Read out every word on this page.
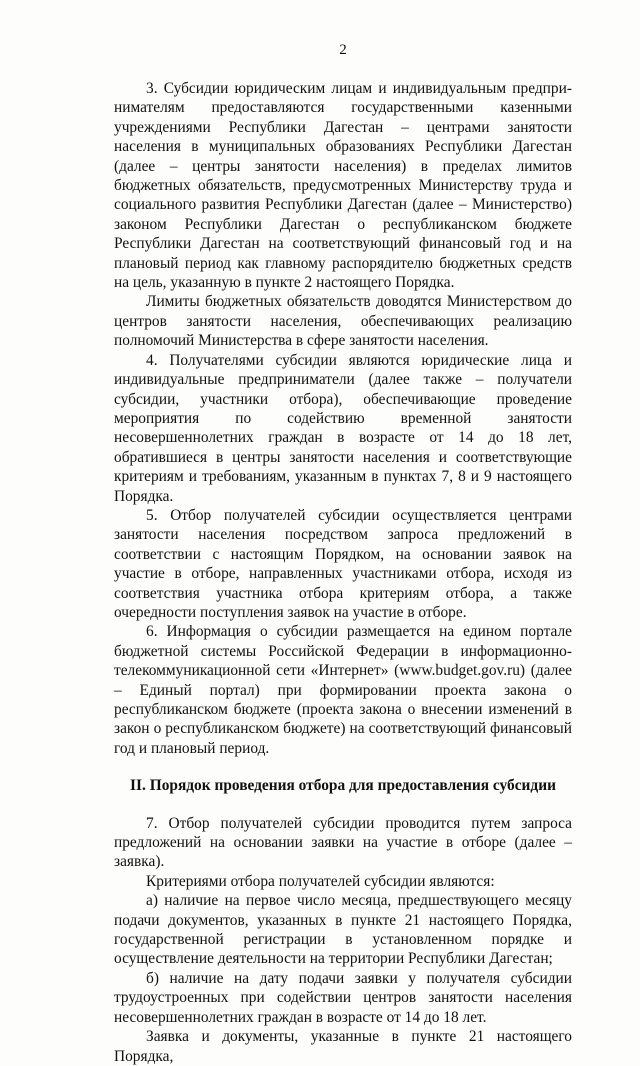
2

3. Субсидии юридическим лицам и индивидуальным предпринимателям предоставляются государственными казенными учреждениями Республики Дагестан – центрами занятости населения в муниципальных образованиях Республики Дагестан (далее – центры занятости населения) в пределах лимитов бюджетных обязательств, предусмотренных Министерству труда и социального развития Республики Дагестан (далее – Министерство) законом Республики Дагестан о республиканском бюджете Республики Дагестан на соответствующий финансовый год и на плановый период как главному распорядителю бюджетных средств на цель, указанную в пункте 2 настоящего Порядка.

Лимиты бюджетных обязательств доводятся Министерством до центров занятости населения, обеспечивающих реализацию полномочий Министерства в сфере занятости населения.

4. Получателями субсидии являются юридические лица и индивидуальные предприниматели (далее также – получатели субсидии, участники отбора), обеспечивающие проведение мероприятия по содействию временной занятости несовершеннолетних граждан в возрасте от 14 до 18 лет, обратившиеся в центры занятости населения и соответствующие критериям и требованиям, указанным в пунктах 7, 8 и 9 настоящего Порядка.

5. Отбор получателей субсидии осуществляется центрами занятости населения посредством запроса предложений в соответствии с настоящим Порядком, на основании заявок на участие в отборе, направленных участниками отбора, исходя из соответствия участника отбора критериям отбора, а также очередности поступления заявок на участие в отборе.

6. Информация о субсидии размещается на едином портале бюджетной системы Российской Федерации в информационно-телекоммуникационной сети «Интернет» (www.budget.gov.ru) (далее – Единый портал) при формировании проекта закона о республиканском бюджете (проекта закона о внесении изменений в закон о республиканском бюджете) на соответствующий финансовый год и плановый период.

II. Порядок проведения отбора для предоставления субсидии

7. Отбор получателей субсидии проводится путем запроса предложений на основании заявки на участие в отборе (далее – заявка).

Критериями отбора получателей субсидии являются:

а) наличие на первое число месяца, предшествующего месяцу подачи документов, указанных в пункте 21 настоящего Порядка, государственной регистрации в установленном порядке и осуществление деятельности на территории Республики Дагестан;

б) наличие на дату подачи заявки у получателя субсидии трудоустроенных при содействии центров занятости населения несовершеннолетних граждан в возрасте от 14 до 18 лет.

Заявка и документы, указанные в пункте 21 настоящего Порядка,
